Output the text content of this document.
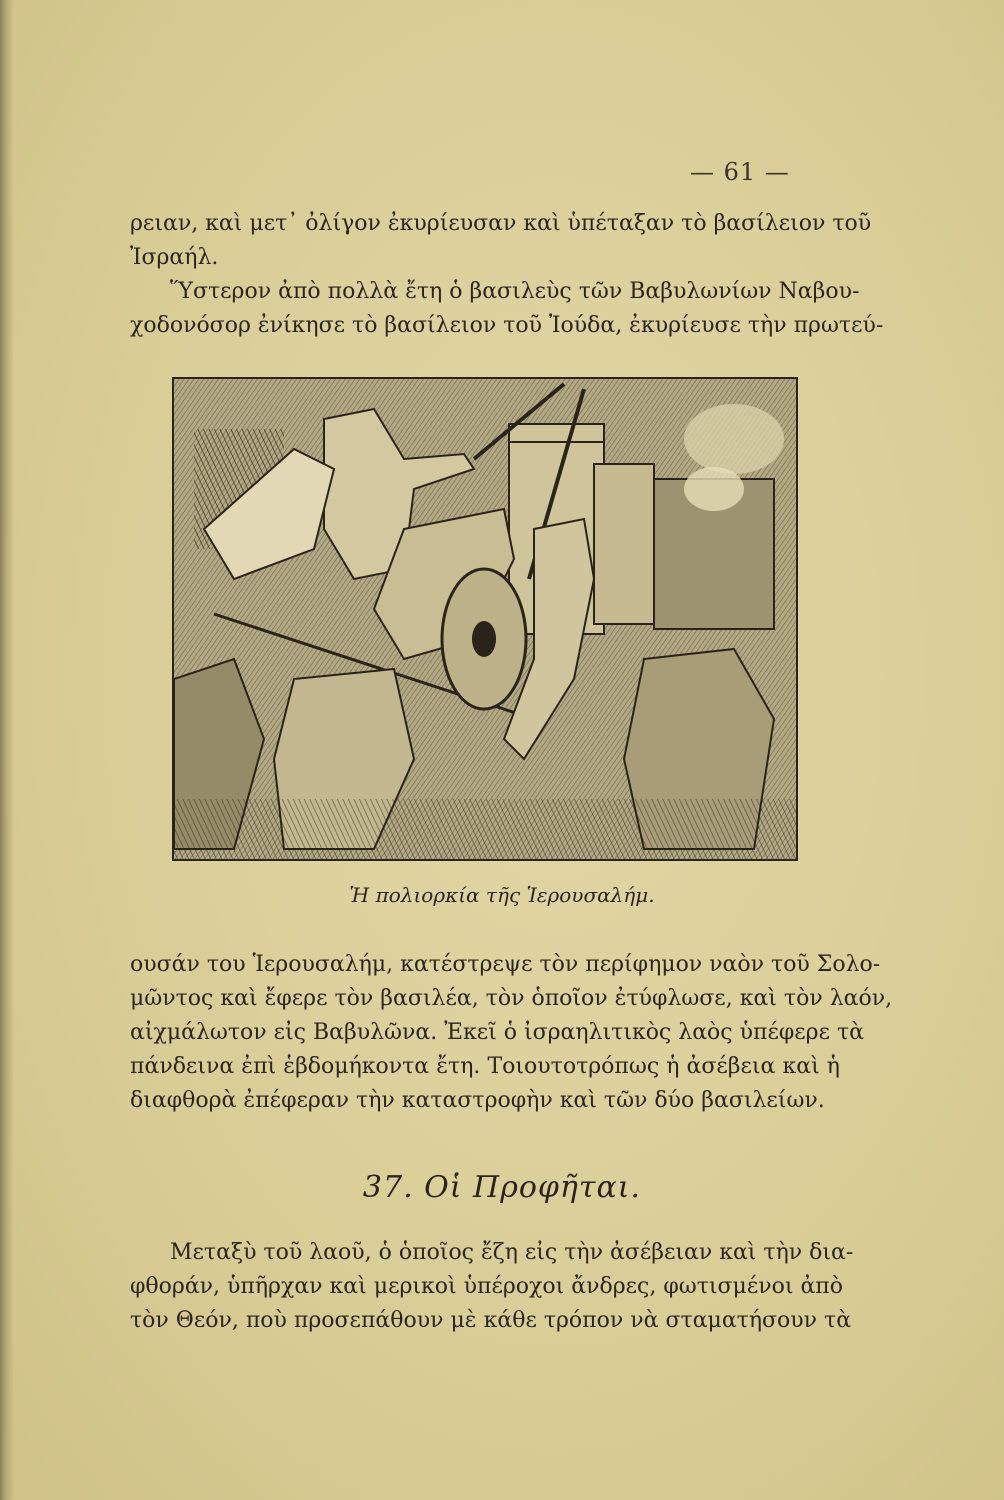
— 61 —
ρειαν, καὶ μετ᾽ ὀλίγον ἐκυρίευσαν καὶ ὑπέταξαν τὸ βασίλειον τοῦ
Ἰσραήλ.
Ὕστερον ἀπὸ πολλὰ ἔτη ὁ βασιλεὺς τῶν Βαβυλωνίων Ναβου-
χοδονόσορ ἐνίκησε τὸ βασίλειον τοῦ Ἰούδα, ἐκυρίευσε τὴν πρωτεύ-
Ἡ πολιορκία τῆς Ἱερουσαλήμ.
ουσάν του Ἱερουσαλήμ, κατέστρεψε τὸν περίφημον ναὸν τοῦ Σολο-
μῶντος καὶ ἔφερε τὸν βασιλέα, τὸν ὁποῖον ἐτύφλωσε, καὶ τὸν λαόν,
αἰχμάλωτον εἰς Βαβυλῶνα. Ἐκεῖ ὁ ἰσραηλιτικὸς λαὸς ὑπέφερε τὰ
πάνδεινα ἐπὶ ἑβδομήκοντα ἔτη. Τοιουτοτρόπως ἡ ἀσέβεια καὶ ἡ
διαφθορὰ ἐπέφεραν τὴν καταστροφὴν καὶ τῶν δύο βασιλείων.
37. Οἱ Προφῆται.
Μεταξὺ τοῦ λαοῦ, ὁ ὁποῖος ἔζη εἰς τὴν ἀσέβειαν καὶ τὴν δια-
φθοράν, ὑπῆρχαν καὶ μερικοὶ ὑπέροχοι ἄνδρες, φωτισμένοι ἀπὸ
τὸν Θεόν, ποὺ προσεπάθουν μὲ κάθε τρόπον νὰ σταματήσουν τὰ
